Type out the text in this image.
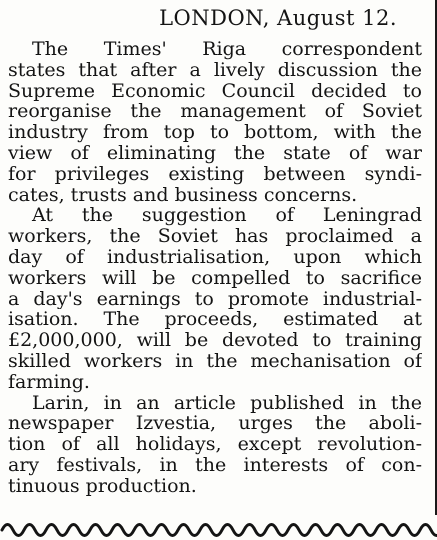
LONDON, August 12.

The Times' Riga correspondent
states that after a lively discussion the
Supreme Economic Council decided to
reorganise the management of Soviet
industry from top to bottom, with the
view of eliminating the state of war
for privileges existing between syndi-
cates, trusts and business concerns.

At the suggestion of Leningrad
workers, the Soviet has proclaimed a
day of industrialisation, upon which
workers will be compelled to sacrifice
a day's earnings to promote industrial-
isation. The proceeds, estimated at
£2,000,000, will be devoted to training
skilled workers in the mechanisation of
farming.

Larin, in an article published in the
newspaper Izvestia, urges the aboli-
tion of all holidays, except revolution-
ary festivals, in the interests of con-
tinuous production.
